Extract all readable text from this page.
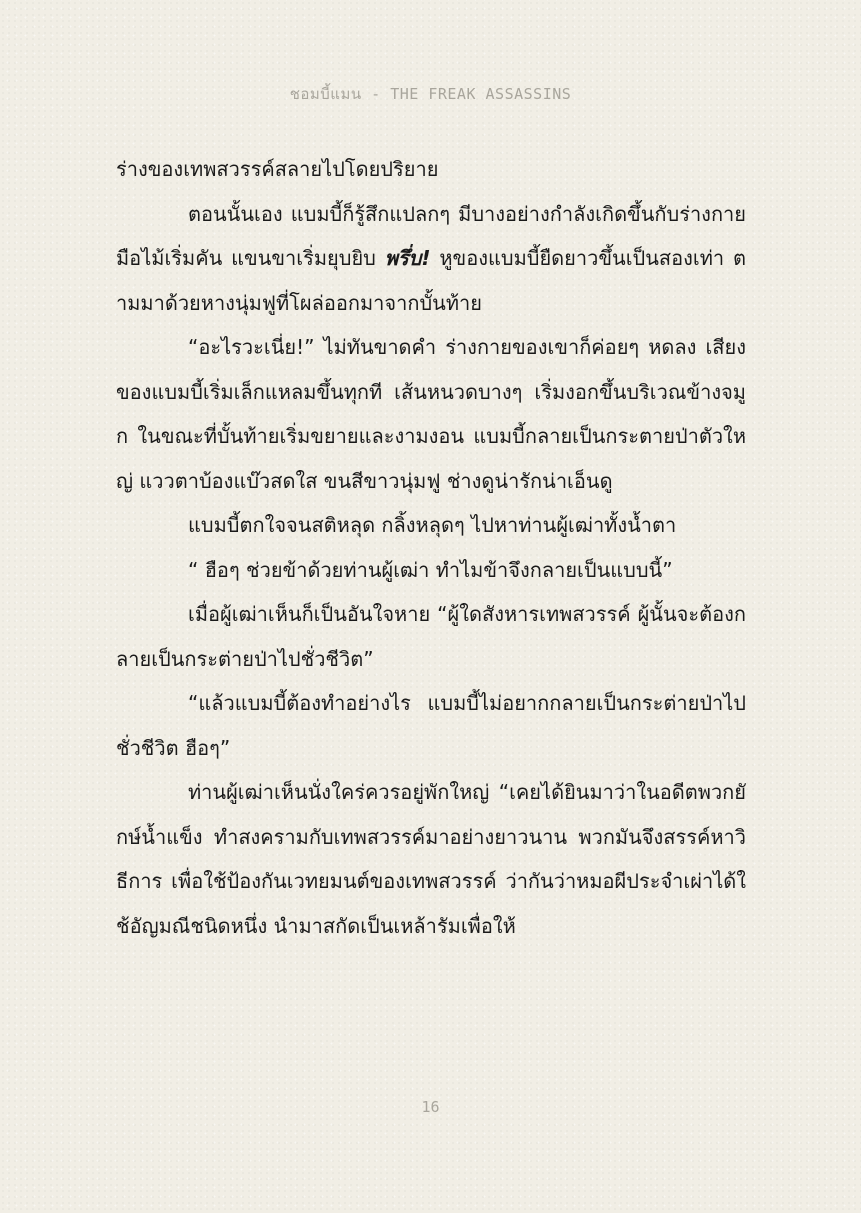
ชอมบี้แมน - THE FREAK ASSASSINS

ร่างของเทพสวรรค์สลายไปโดยปริยาย

ตอนนั้นเอง แบมบี้ก็รู้สึกแปลกๆ มีบางอย่างกำลังเกิดขึ้นกับร่างกาย มือไม้เริ่มคัน แขนขาเริ่มยุบยิบ พรึ่บ! หูของแบมบี้ยืดยาวขึ้นเป็นสองเท่า ตามมาด้วยหางนุ่มฟูที่โผล่ออกมาจากบั้นท้าย

“อะไรวะเนี่ย!” ไม่ทันขาดคำ ร่างกายของเขาก็ค่อยๆ หดลง เสียงของแบมบี้เริ่มเล็กแหลมขึ้นทุกที เส้นหนวดบางๆ เริ่มงอกขึ้นบริเวณข้างจมูก ในขณะที่บั้นท้ายเริ่มขยายและงามงอน แบมบี้กลายเป็นกระตายป่าตัวใหญ่ แววตาบ้องแบ๊วสดใส ขนสีขาวนุ่มฟู ช่างดูน่ารักน่าเอ็นดู

แบมบี้ตกใจจนสติหลุด กลิ้งหลุดๆ ไปหาท่านผู้เฒ่าทั้งน้ำตา

“ ฮือๆ ช่วยข้าด้วยท่านผู้เฒ่า ทำไมข้าจึงกลายเป็นแบบนี้”

เมื่อผู้เฒ่าเห็นก็เป็นอันใจหาย “ผู้ใดสังหารเทพสวรรค์ ผู้นั้นจะต้องกลายเป็นกระต่ายป่าไปชั่วชีวิต”

“แล้วแบมบี้ต้องทำอย่างไร แบมบี้ไม่อยากกลายเป็นกระต่ายป่าไปชั่วชีวิต ฮือๆ”

ท่านผู้เฒ่าเห็นนั่งใคร่ควรอยู่พักใหญ่ “เคยได้ยินมาว่าในอดีตพวกยักษ์น้ำแข็ง ทำสงครามกับเทพสวรรค์มาอย่างยาวนาน พวกมันจึงสรรค์หาวิธีการ เพื่อใช้ป้องกันเวทยมนต์ของเทพสวรรค์ ว่ากันว่าหมอผีประจำเผ่าได้ใช้อัญมณีชนิดหนึ่ง นำมาสกัดเป็นเหล้ารัมเพื่อให้

16
